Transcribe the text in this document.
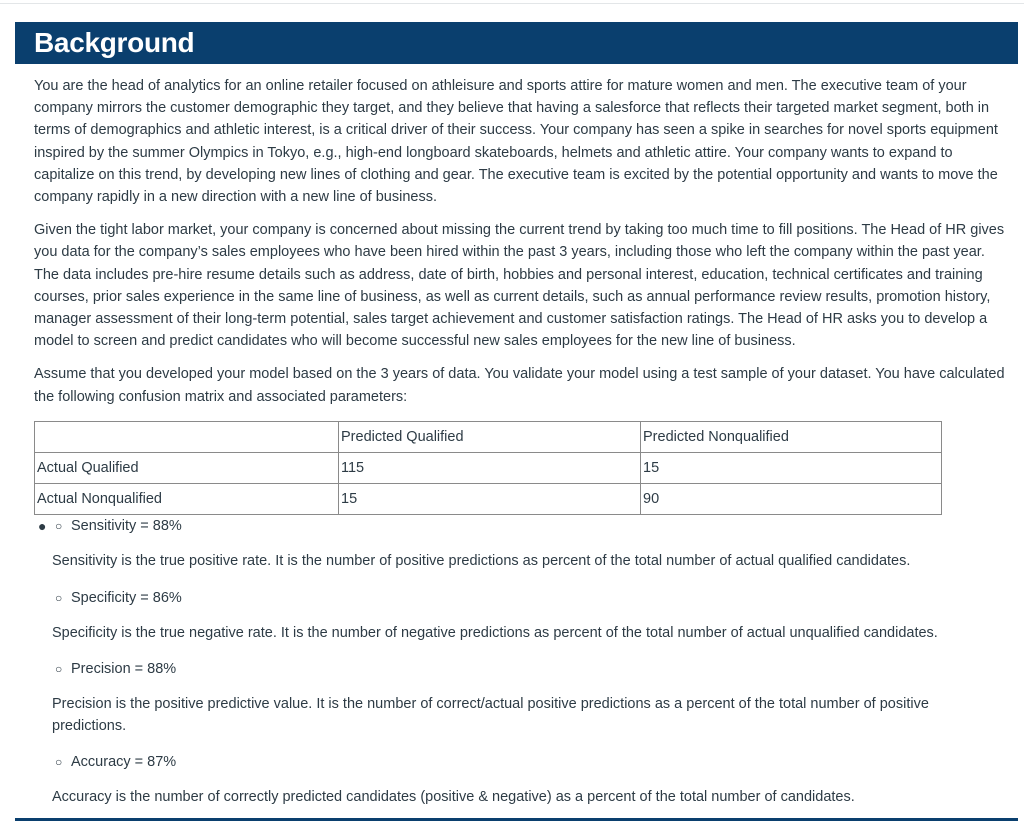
Background

You are the head of analytics for an online retailer focused on athleisure and sports attire for mature women and men. The executive team of your company mirrors the customer demographic they target, and they believe that having a salesforce that reflects their targeted market segment, both in terms of demographics and athletic interest, is a critical driver of their success. Your company has seen a spike in searches for novel sports equipment inspired by the summer Olympics in Tokyo, e.g., high-end longboard skateboards, helmets and athletic attire. Your company wants to expand to capitalize on this trend, by developing new lines of clothing and gear. The executive team is excited by the potential opportunity and wants to move the company rapidly in a new direction with a new line of business.

Given the tight labor market, your company is concerned about missing the current trend by taking too much time to fill positions. The Head of HR gives you data for the company’s sales employees who have been hired within the past 3 years, including those who left the company within the past year. The data includes pre-hire resume details such as address, date of birth, hobbies and personal interest, education, technical certificates and training courses, prior sales experience in the same line of business, as well as current details, such as annual performance review results, promotion history, manager assessment of their long-term potential, sales target achievement and customer satisfaction ratings. The Head of HR asks you to develop a model to screen and predict candidates who will become successful new sales employees for the new line of business.

Assume that you developed your model based on the 3 years of data. You validate your model using a test sample of your dataset. You have calculated the following confusion matrix and associated parameters:

	Predicted Qualified	Predicted Nonqualified
Actual Qualified	115	15
Actual Nonqualified	15	90
● ○ Sensitivity = 88%

Sensitivity is the true positive rate. It is the number of positive predictions as percent of the total number of actual qualified candidates.

○ Specificity = 86%

Specificity is the true negative rate. It is the number of negative predictions as percent of the total number of actual unqualified candidates.

○ Precision = 88%

Precision is the positive predictive value. It is the number of correct/actual positive predictions as a percent of the total number of positive predictions.

○ Accuracy = 87%

Accuracy is the number of correctly predicted candidates (positive & negative) as a percent of the total number of candidates.
